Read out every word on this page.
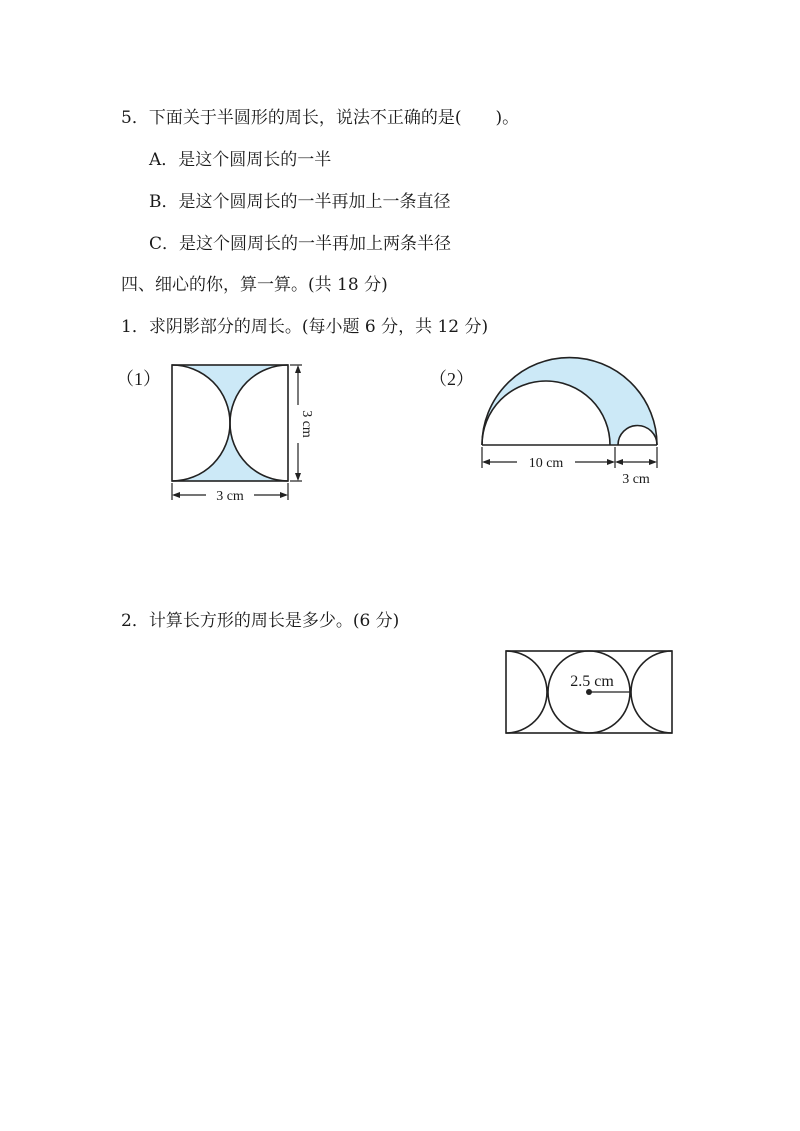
5．下面关于半圆形的周长，说法不正确的是(　　)。
A．是这个圆周长的一半
B．是这个圆周长的一半再加上一条直径
C．是这个圆周长的一半再加上两条半径
四、细心的你，算一算。(共 18 分)
1．求阴影部分的周长。(每小题 6 分，共 12 分)
（1）
3 cm
3 cm
（2）
10 cm
3 cm
2．计算长方形的周长是多少。(6 分)
2.5 cm
